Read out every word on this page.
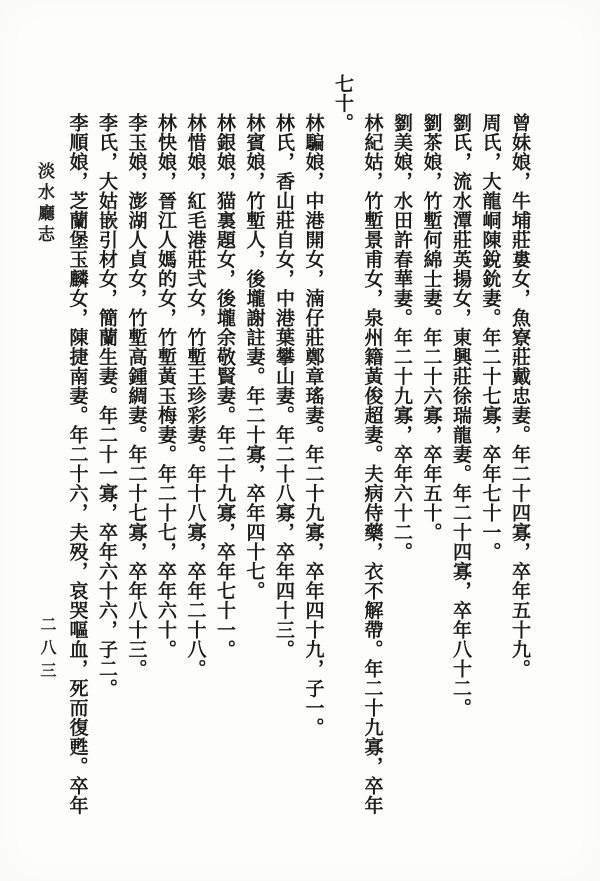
淡水廳志
二八三	曾妹娘，牛埔莊婁女，魚寮莊戴忠妻。年二十四寡，卒年五十九。
周氏，大龍峒陳銳鈗妻。年二十七寡，卒年七十一。
劉氏，流水潭莊英揚女，東興莊徐瑞龍妻。年二十四寡，卒年八十二。
劉茶娘，竹塹何綿士妻。年二十六寡，卒年五十。
劉美娘，水田許春華妻。年二十九寡，卒年六十二。
林紀姑，竹塹景甫女，泉州籍黃俊超妻。夫病侍藥，衣不解帶。年二十九寡，卒年
七十。
林騙娘，中港開女，湳仔莊鄭章瑤妻。年二十九寡，卒年四十九，子一。
林氏，香山莊自女，中港葉攀山妻。年二十八寡，卒年四十三。
林賓娘，竹塹人，後壠謝註妻。年二十寡，卒年四十七。
林銀娘，猫裏題女，後壠余敬賢妻。年二十九寡，卒年七十一。
林惜娘，紅毛港莊弍女，竹塹王珍彩妻。年十八寡，卒年二十八。
林快娘，晉江人媽的女，竹塹黃玉梅妻。年二十七，卒年六十。
李玉娘，澎湖人貞女，竹塹高鍾綢妻。年二十七寡，卒年八十三。
李氏，大姑嵌引材女，簡蘭生妻。年二十一寡，卒年六十六，子二。
李順娘，芝蘭堡玉麟女，陳捷南妻。年二十六，夫殁，哀哭嘔血，死而復甦。卒年
